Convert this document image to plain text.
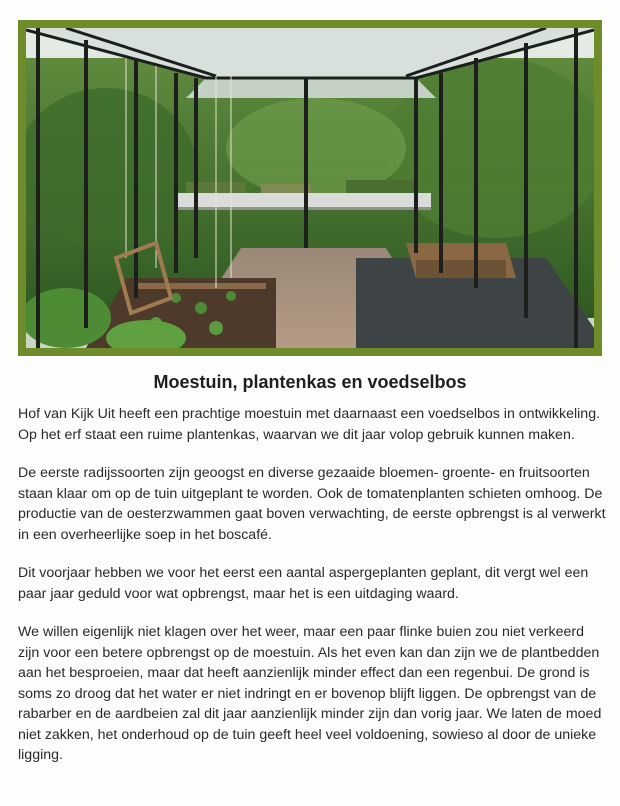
Moestuin, plantenkas en voedselbos

Hof van Kijk Uit heeft een prachtige moestuin met daarnaast een voedselbos in ontwikkeling. Op het erf staat een ruime plantenkas, waarvan we dit jaar volop gebruik kunnen maken.

De eerste radijssoorten zijn geoogst en diverse gezaaide bloemen- groente- en fruitsoorten staan klaar om op de tuin uitgeplant te worden. Ook de tomatenplanten schieten omhoog. De productie van de oesterzwammen gaat boven verwachting, de eerste opbrengst is al verwerkt in een overheerlijke soep in het boscafé.

Dit voorjaar hebben we voor het eerst een aantal aspergeplanten geplant, dit vergt wel een paar jaar geduld voor wat opbrengst, maar het is een uitdaging waard.

We willen eigenlijk niet klagen over het weer, maar een paar flinke buien zou niet verkeerd zijn voor een betere opbrengst op de moestuin. Als het even kan dan zijn we de plantbedden aan het besproeien, maar dat heeft aanzienlijk minder effect dan een regenbui. De grond is soms zo droog dat het water er niet indringt en er bovenop blijft liggen. De opbrengst van de rabarber en de aardbeien zal dit jaar aanzienlijk minder zijn dan vorig jaar. We laten de moed niet zakken, het onderhoud op de tuin geeft heel veel voldoening, sowieso al door de unieke ligging.
